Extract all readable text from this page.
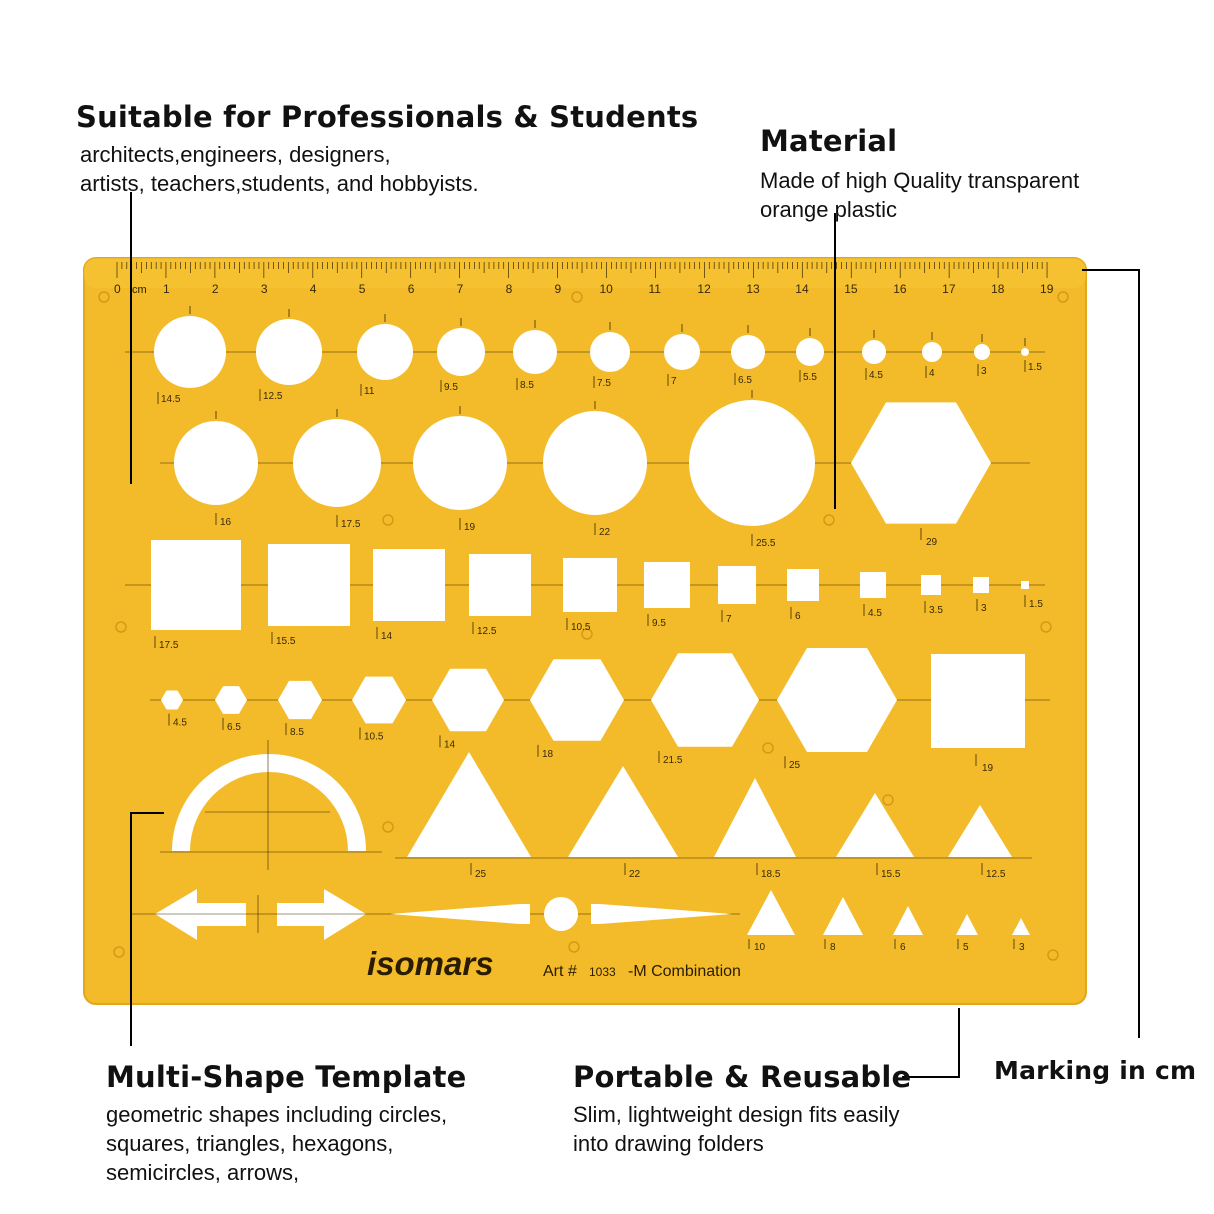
0	1	2	3	4	5	6	7	8	9	10	11	12	13	14	15	16	17	18	19
14.5	12.5	11	9.5	8.5	7.5	7	6.5	5.5	4.5	4	3	1.5
16	17.5	19	22
25.5	29
17.5	15.5	14	12.5	10.5	9.5	7	6	4.5	3.5	3	1.5
4.5	6.5	8.5	10.5
14
18
21.5	25	19
25	22	18.5	15.5	12.5
10	8	6	5	3
isomars	Art # 1033 -M Combination
cm
Suitable for Professionals & Students

architects,engineers, designers,
artists, teachers,students, and hobbyists.

Material

Made of high Quality transparent
orange plastic

Multi-Shape Template

geometric shapes including circles,
squares, triangles, hexagons,
semicircles, arrows,

Portable & Reusable

Slim, lightweight design fits easily
into drawing folders

Marking in cm
